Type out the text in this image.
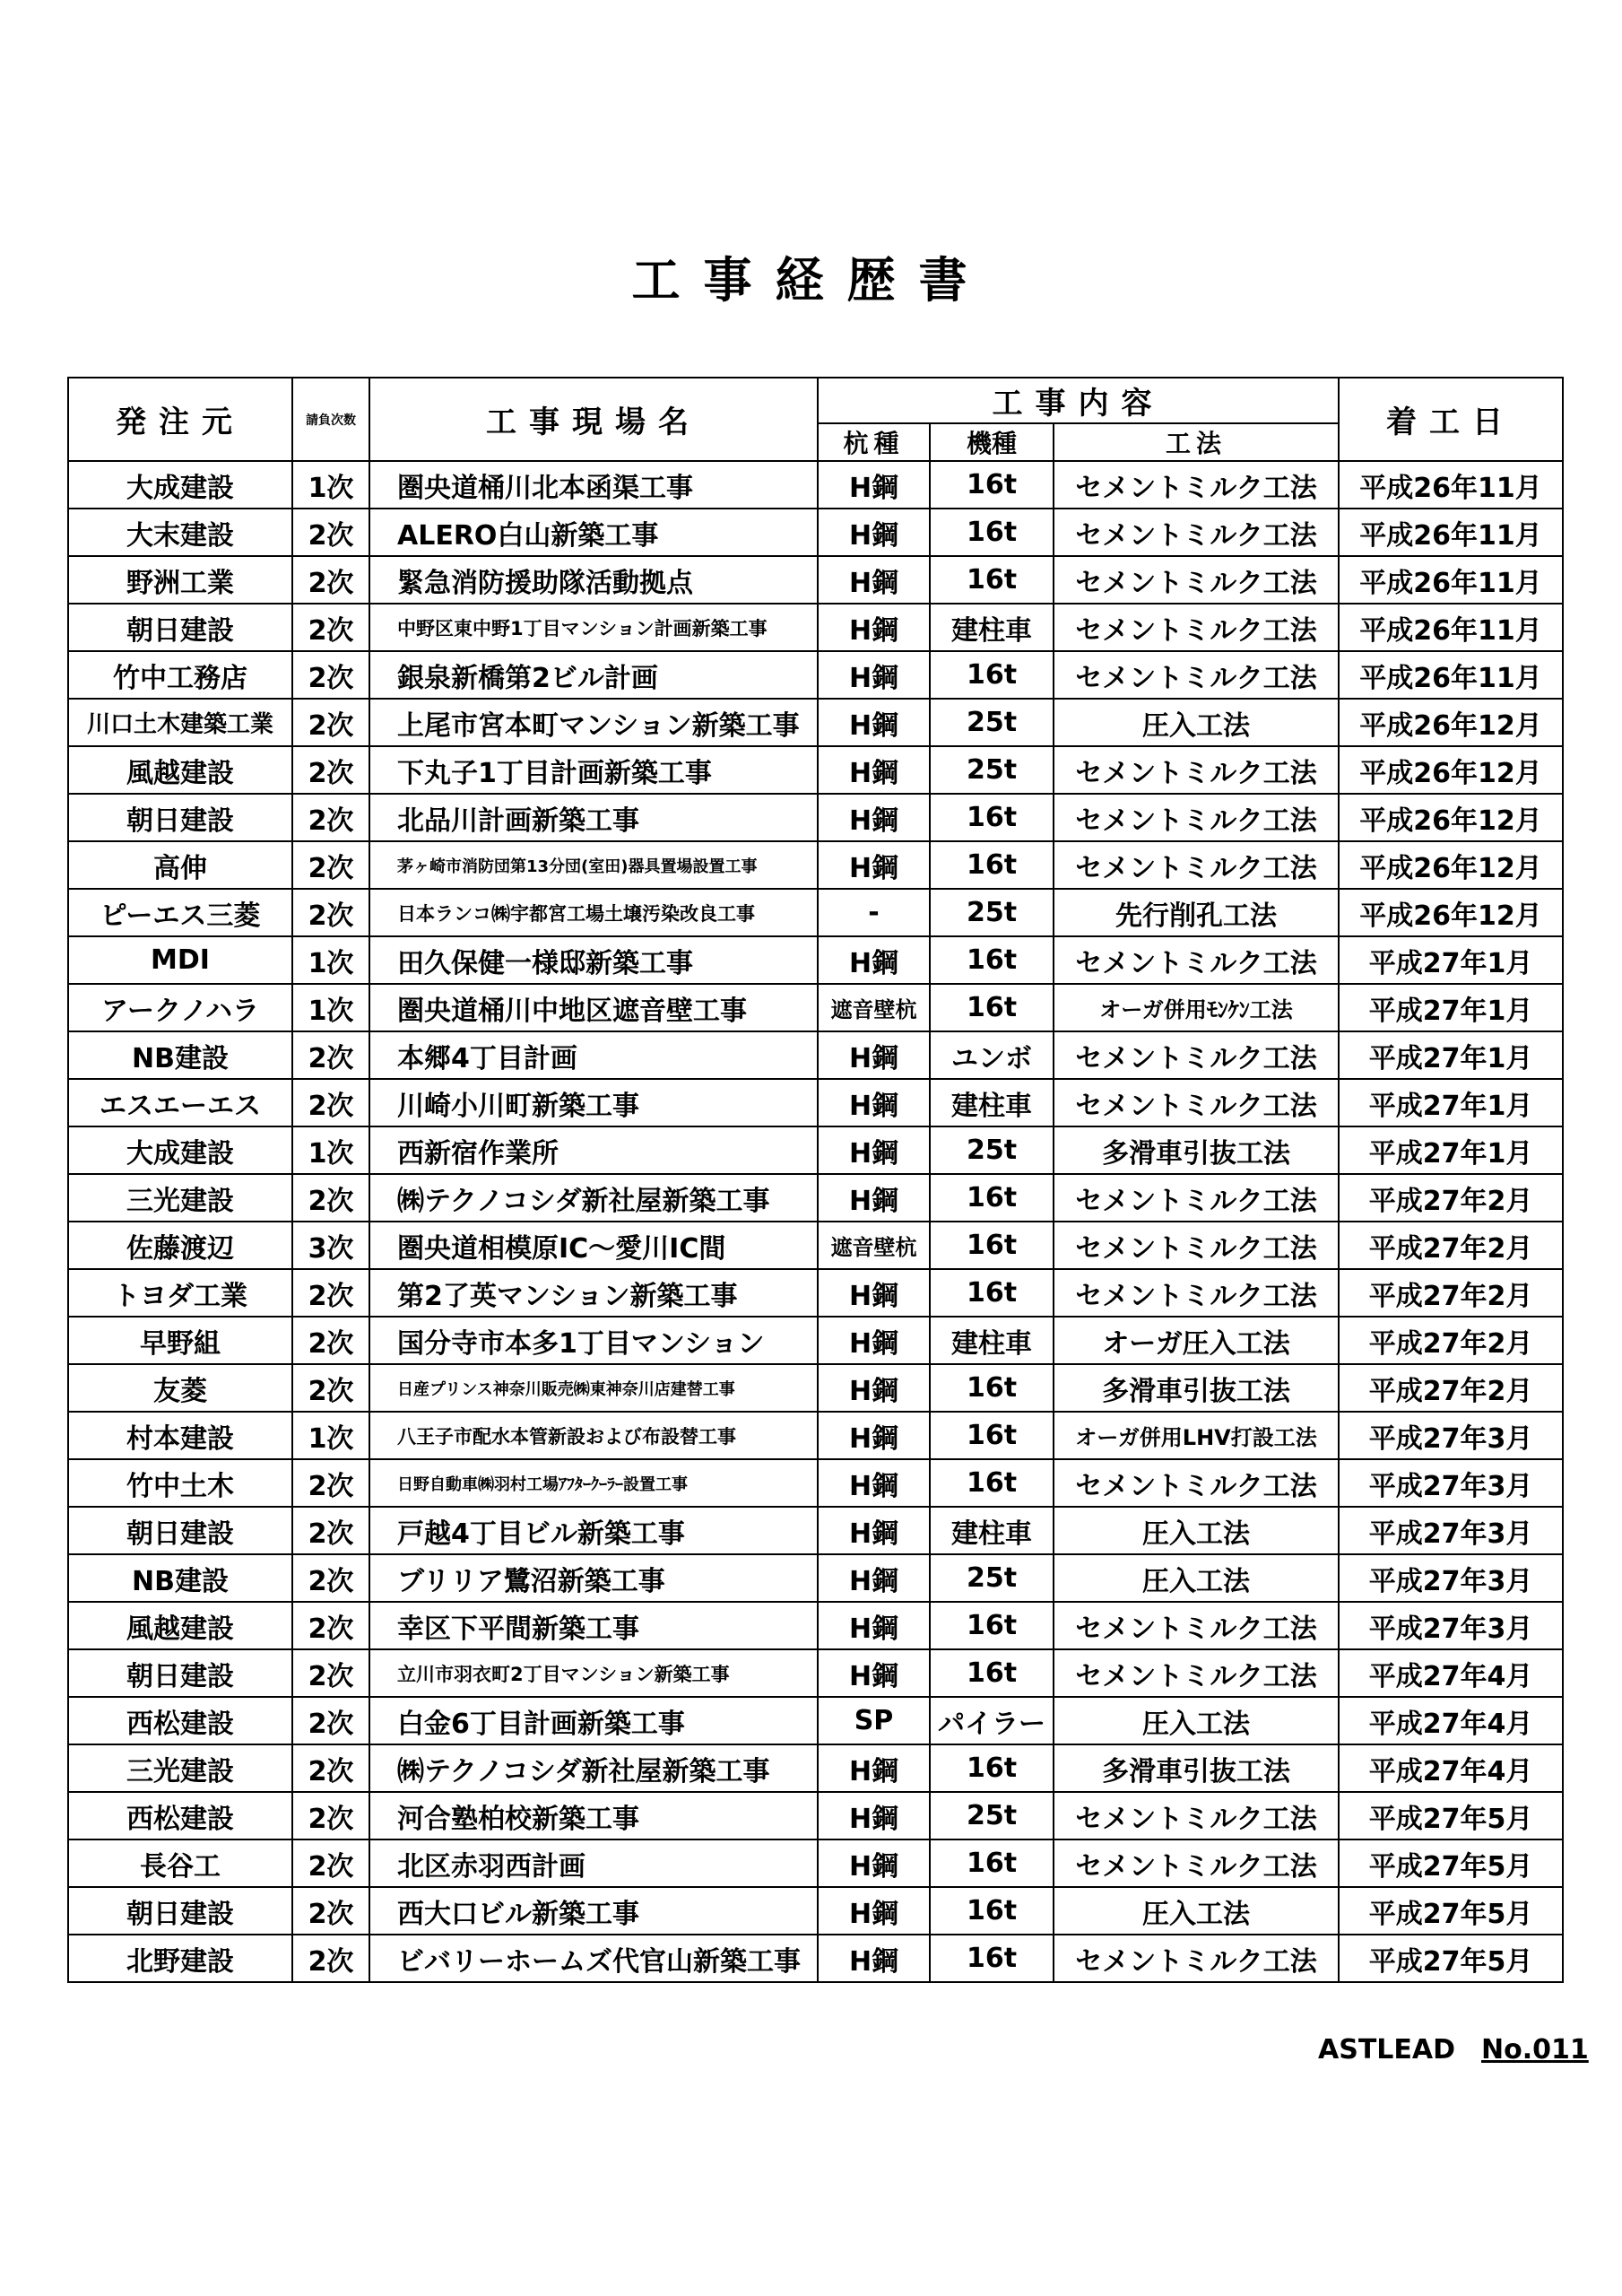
工事経歴書
発注元	請負次数	工事現場名	工事内容			着工日
			杭種	機種	工法	
大成建設	1次	圏央道桶川北本函渠工事	H鋼	16t	セメントミルク工法	平成26年11月
大末建設	2次	ALERO白山新築工事	H鋼	16t	セメントミルク工法	平成26年11月
野洲工業	2次	緊急消防援助隊活動拠点	H鋼	16t	セメントミルク工法	平成26年11月
朝日建設	2次	中野区東中野1丁目マンション計画新築工事	H鋼	建柱車	セメントミルク工法	平成26年11月
竹中工務店	2次	銀泉新橋第2ビル計画	H鋼	16t	セメントミルク工法	平成26年11月
川口土木建築工業	2次	上尾市宮本町マンション新築工事	H鋼	25t	圧入工法	平成26年12月
風越建設	2次	下丸子1丁目計画新築工事	H鋼	25t	セメントミルク工法	平成26年12月
朝日建設	2次	北品川計画新築工事	H鋼	16t	セメントミルク工法	平成26年12月
高伸	2次	茅ヶ崎市消防団第13分団(室田)器具置場設置工事	H鋼	16t	セメントミルク工法	平成26年12月
ピーエス三菱	2次	日本ランコ㈱宇都宮工場土壌汚染改良工事	-	25t	先行削孔工法	平成26年12月
MDI	1次	田久保健一様邸新築工事	H鋼	16t	セメントミルク工法	平成27年1月
アークノハラ	1次	圏央道桶川中地区遮音壁工事	遮音壁杭	16t	オーガ併用ﾓﾝｹﾝ工法	平成27年1月
NB建設	2次	本郷4丁目計画	H鋼	ユンボ	セメントミルク工法	平成27年1月
エスエーエス	2次	川崎小川町新築工事	H鋼	建柱車	セメントミルク工法	平成27年1月
大成建設	1次	西新宿作業所	H鋼	25t	多滑車引抜工法	平成27年1月
三光建設	2次	㈱テクノコシダ新社屋新築工事	H鋼	16t	セメントミルク工法	平成27年2月
佐藤渡辺	3次	圏央道相模原IC～愛川IC間	遮音壁杭	16t	セメントミルク工法	平成27年2月
トヨダ工業	2次	第2了英マンション新築工事	H鋼	16t	セメントミルク工法	平成27年2月
早野組	2次	国分寺市本多1丁目マンション	H鋼	建柱車	オーガ圧入工法	平成27年2月
友菱	2次	日産プリンス神奈川販売㈱東神奈川店建替工事	H鋼	16t	多滑車引抜工法	平成27年2月
村本建設	1次	八王子市配水本管新設および布設替工事	H鋼	16t	オーガ併用LHV打設工法	平成27年3月
竹中土木	2次	日野自動車㈱羽村工場ｱﾌﾀｰｸｰﾗｰ設置工事	H鋼	16t	セメントミルク工法	平成27年3月
朝日建設	2次	戸越4丁目ビル新築工事	H鋼	建柱車	圧入工法	平成27年3月
NB建設	2次	ブリリア鷺沼新築工事	H鋼	25t	圧入工法	平成27年3月
風越建設	2次	幸区下平間新築工事	H鋼	16t	セメントミルク工法	平成27年3月
朝日建設	2次	立川市羽衣町2丁目マンション新築工事	H鋼	16t	セメントミルク工法	平成27年4月
西松建設	2次	白金6丁目計画新築工事	SP	パイラー	圧入工法	平成27年4月
三光建設	2次	㈱テクノコシダ新社屋新築工事	H鋼	16t	多滑車引抜工法	平成27年4月
西松建設	2次	河合塾柏校新築工事	H鋼	25t	セメントミルク工法	平成27年5月
長谷工	2次	北区赤羽西計画	H鋼	16t	セメントミルク工法	平成27年5月
朝日建設	2次	西大口ビル新築工事	H鋼	16t	圧入工法	平成27年5月
北野建設	2次	ビバリーホームズ代官山新築工事	H鋼	16t	セメントミルク工法	平成27年5月
ASTLEAD No.011
